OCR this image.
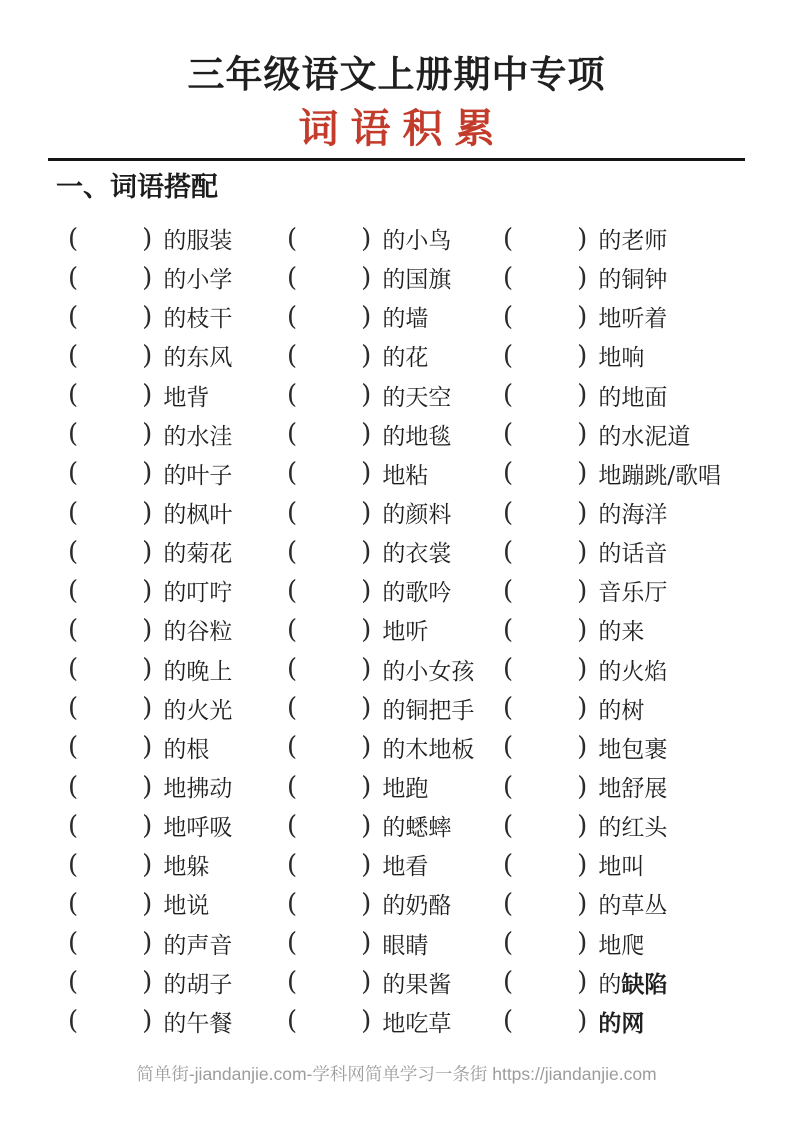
三年级语文上册期中专项
词语积累
一、词语搭配
( ) 的服装 ( ) 的小鸟 ( ) 的老师
( ) 的小学 ( ) 的国旗 ( ) 的铜钟
( ) 的枝干 ( ) 的墙	( ) 地听着
( ) 的东风 ( ) 的花	( ) 地响
( ) 地背	( ) 的天空 ( ) 的地面
( ) 的水洼 ( ) 的地毯 ( ) 的水泥道
( ) 的叶子 ( ) 地粘	( ) 地蹦跳/歌唱
( ) 的枫叶 ( ) 的颜料 ( ) 的海洋
( ) 的菊花 ( ) 的衣裳 ( ) 的话音
( ) 的叮咛 ( ) 的歌吟 ( ) 音乐厅
( ) 的谷粒 ( ) 地听	( ) 的来
( ) 的晚上 ( ) 的小女孩 ( ) 的火焰
( ) 的火光 ( ) 的铜把手 ( ) 的树
( ) 的根	( ) 的木地板 ( ) 地包裹
( ) 地拂动 ( ) 地跑	( ) 地舒展
( ) 地呼吸 ( ) 的蟋蟀 ( ) 的红头
( ) 地躲	( ) 地看	( ) 地叫
( ) 地说	( ) 的奶酪 ( ) 的草丛
( ) 的声音 ( ) 眼睛	( ) 地爬
( ) 的胡子 ( ) 的果酱 ( ) 的缺陷
( ) 的午餐 ( ) 地吃草 ( ) 的网
简单街-jiandanjie.com-学科网简单学习一条街 https://jiandanjie.com
